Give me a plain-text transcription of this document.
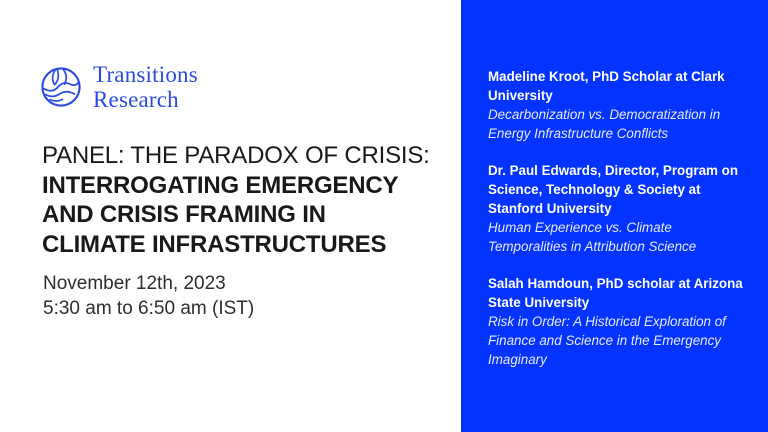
Transitions
Research
PANEL: THE PARADOX OF CRISIS:
INTERROGATING EMERGENCY
AND CRISIS FRAMING IN
CLIMATE INFRASTRUCTURES
November 12th, 2023
5:30 am to 6:50 am (IST)
Madeline Kroot, PhD Scholar at Clark University
Decarbonization vs. Democratization in Energy Infrastructure Conflicts
Dr. Paul Edwards, Director, Program on Science, Technology & Society at Stanford University
Human Experience vs. Climate Temporalities in Attribution Science
Salah Hamdoun, PhD scholar at Arizona State University
Risk in Order: A Historical Exploration of Finance and Science in the Emergency Imaginary
